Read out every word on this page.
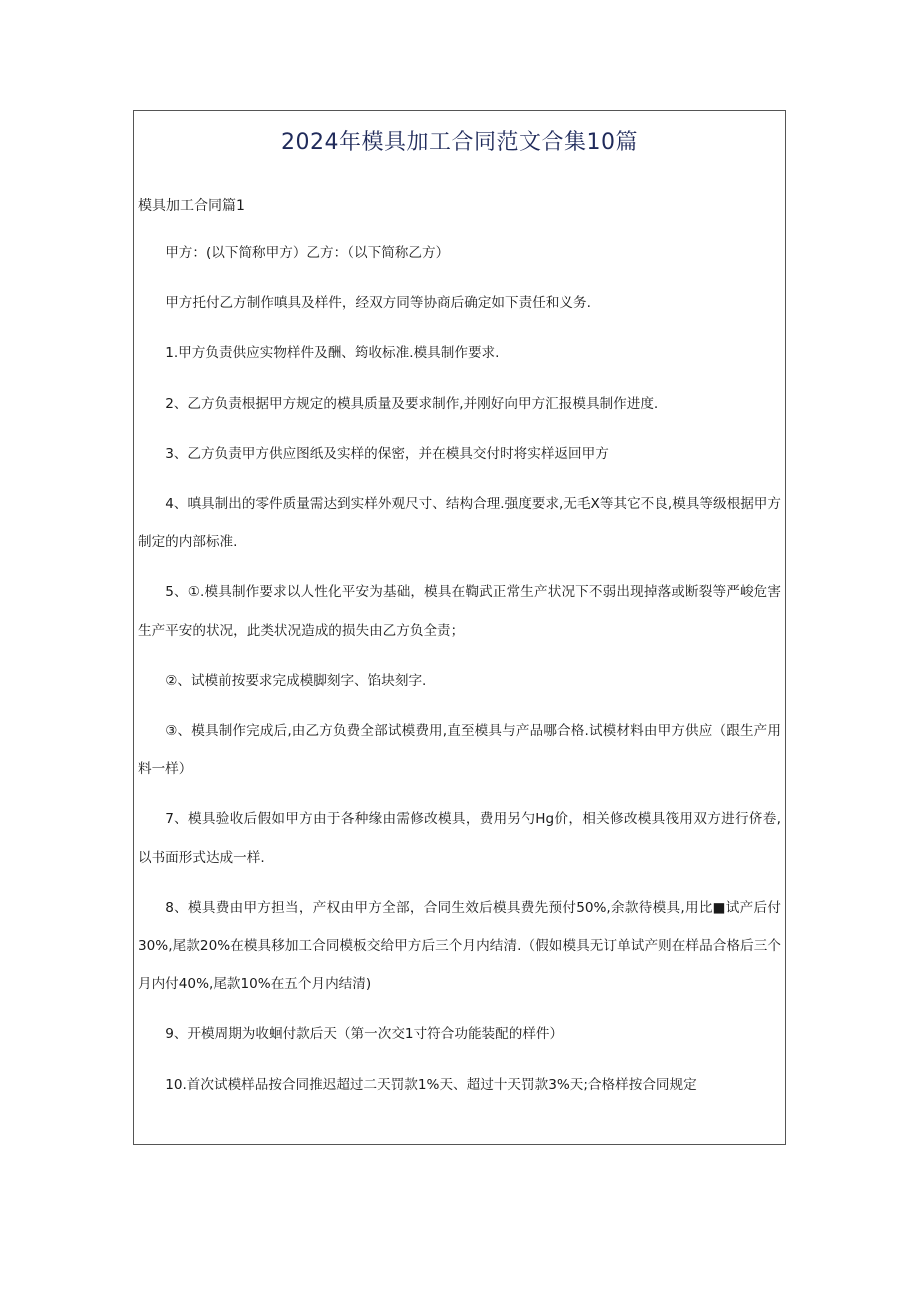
2024年模具加工合同范文合集10篇
模具加工合同篇1

甲方：(以下简称甲方）乙方：（以下简称乙方）

甲方托付乙方制作嗔具及样件，经双方同等协商后确定如下责任和义务.

1.甲方负责供应实物样件及酬、筠收标准.模具制作要求.

2、乙方负责根据甲方规定的模具质量及要求制作,并刚好向甲方汇报模具制作进度.

3、乙方负责甲方供应图纸及实样的保密，并在模具交付时将实样返回甲方

4、嗔具制出的零件质量需达到实样外观尺寸、结构合理.强度要求,无毛X等其它不良,模具等级根据甲方制定的内部标准.

5、①.模具制作要求以人性化平安为基础，模具在鞫武正常生产状况下不弱出现掉落或断裂等严峻危害生产平安的状况，此类状况造成的损失由乙方负全责；

②、试模前按要求完成模脚刻字、馅块刻字.

③、模具制作完成后,由乙方负费全部试模费用,直至模具与产品哪合格.试模材料由甲方供应（跟生产用料一样）

7、模具验收后假如甲方由于各种缘由需修改模具，费用另勺Hg价，相关修改模具筏用双方进行侪卷,以书面形式达成一样.

8、模具费由甲方担当，产权由甲方全部，合同生效后模具费先预付50%,余款待模具,用比■试产后付30%,尾款20%在模具移加工合同模板交给甲方后三个月内结清.（假如模具无订单试产则在样品合格后三个月内付40%,尾款10%在五个月内结清)

9、开模周期为收蛔付款后天（第一次交1寸符合功能装配的样件）

10.首次试模样品按合同推迟超过二天罚款1%天、超过十天罚款3%天;合格样按合同规定
